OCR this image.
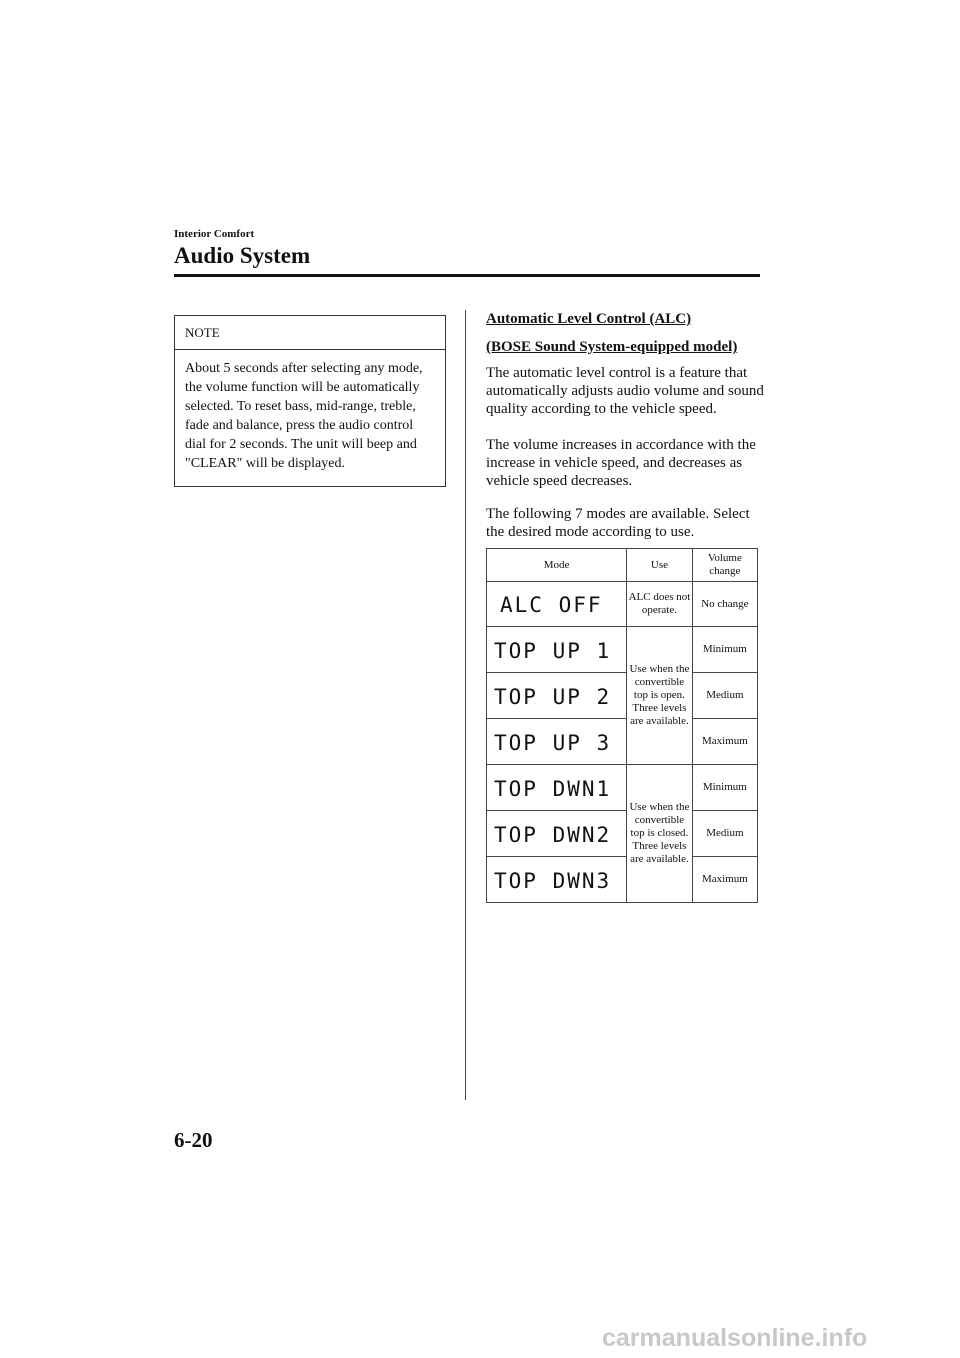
Interior Comfort
Audio System
NOTE
About 5 seconds after selecting any mode, the volume function will be automatically selected. To reset bass, mid-range, treble, fade and balance, press the audio control dial for 2 seconds. The unit will beep and "CLEAR" will be displayed.
Automatic Level Control (ALC)
(BOSE Sound System-equipped model)
The automatic level control is a feature that automatically adjusts audio volume and sound quality according to the vehicle speed.
The volume increases in accordance with the increase in vehicle speed, and decreases as vehicle speed decreases.
The following 7 modes are available. Select the desired mode according to use.
Mode	Use	Volume change

ALC OFF	ALC does not operate.	No change

TOP UP 1	Use when the convertible top is open. Three levels are available.	Minimum

TOP UP 2		Medium

TOP UP 3		Maximum

TOP DWN1	Use when the convertible top is closed. Three levels are available.	Minimum

TOP DWN2		Medium

TOP DWN3		Maximum
6-20
carmanualsonline.info
